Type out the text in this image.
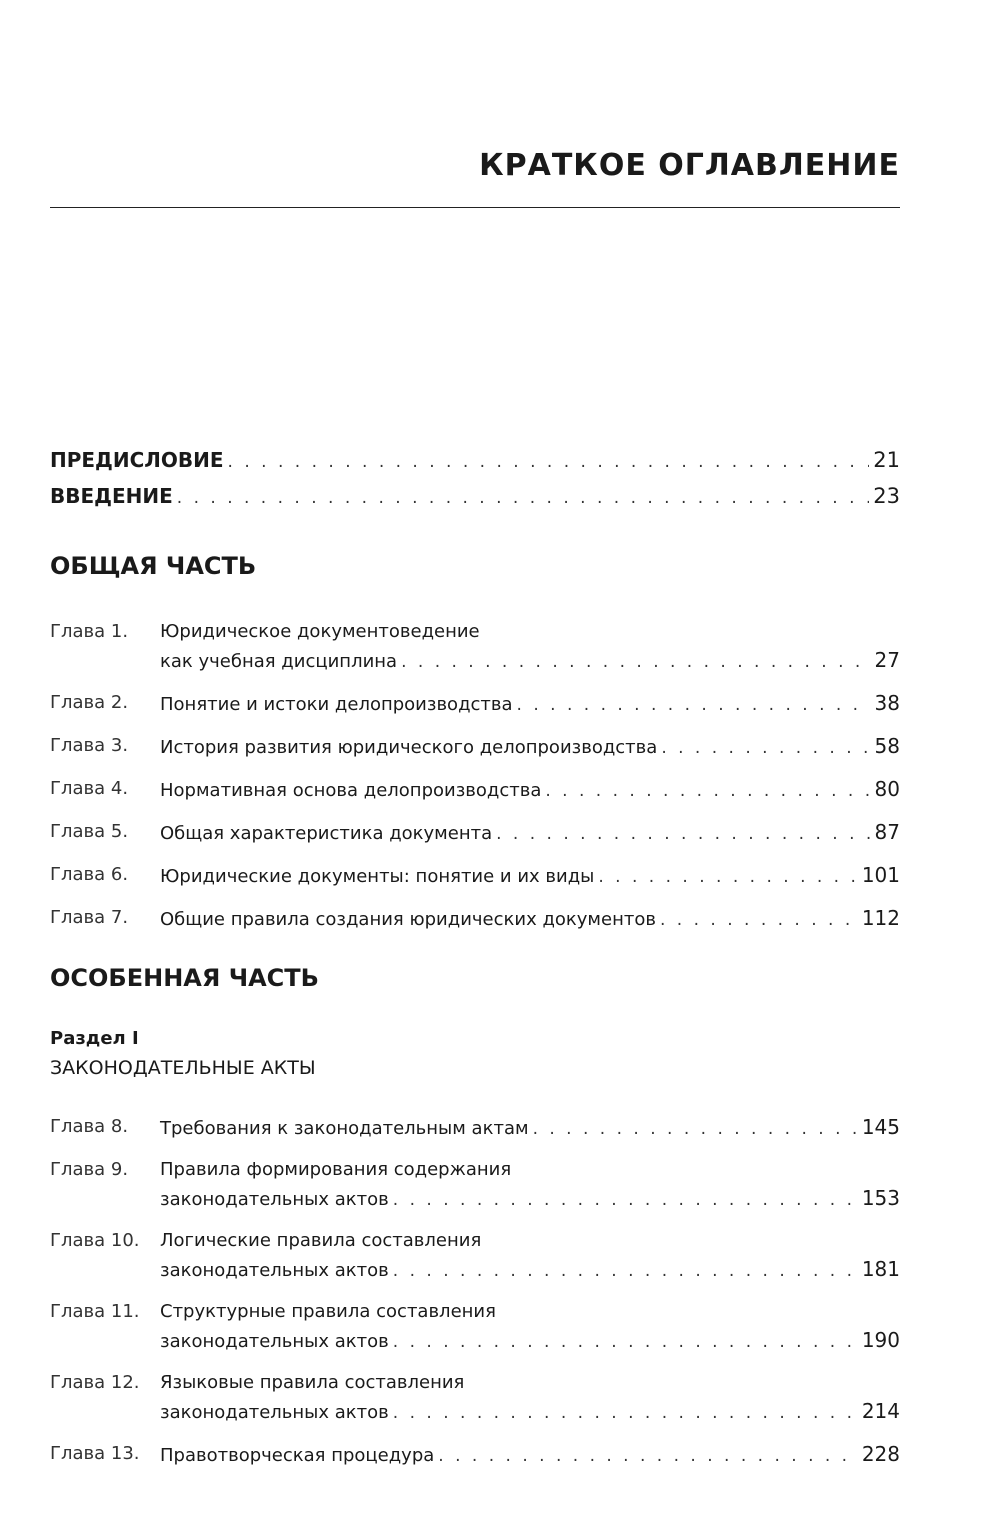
КРАТКОЕ ОГЛАВЛЕНИЕ
ПРЕДИСЛОВИЕ . . .	21
ВВЕДЕНИЕ . . .	23
ОБЩАЯ ЧАСТЬ
Глава 1.	Юридическое документоведение
как учебная дисциплина . . .	27
Глава 2.	Понятие и истоки делопроизводства . . .	38
Глава 3.	История развития юридического делопроизводства . . .	58
Глава 4.	Нормативная основа делопроизводства . . .	80
Глава 5.	Общая характеристика документа . . .	87
Глава 6.	Юридические документы: понятие и их виды . . .	101
Глава 7.	Общие правила создания юридических документов . . .	112
ОСОБЕННАЯ ЧАСТЬ

Раздел I

ЗАКОНОДАТЕЛЬНЫЕ АКТЫ

Глава 8.	Требования к законодательным актам . . .	145
Глава 9.	Правила формирования содержания
законодательных актов . . .	153
Глава 10.	Логические правила составления
законодательных актов . . .	181
Глава 11.	Структурные правила составления
законодательных актов . . .	190
Глава 12.	Языковые правила составления
законодательных актов . . .	214
Глава 13.	Правотворческая процедура . . .	228
